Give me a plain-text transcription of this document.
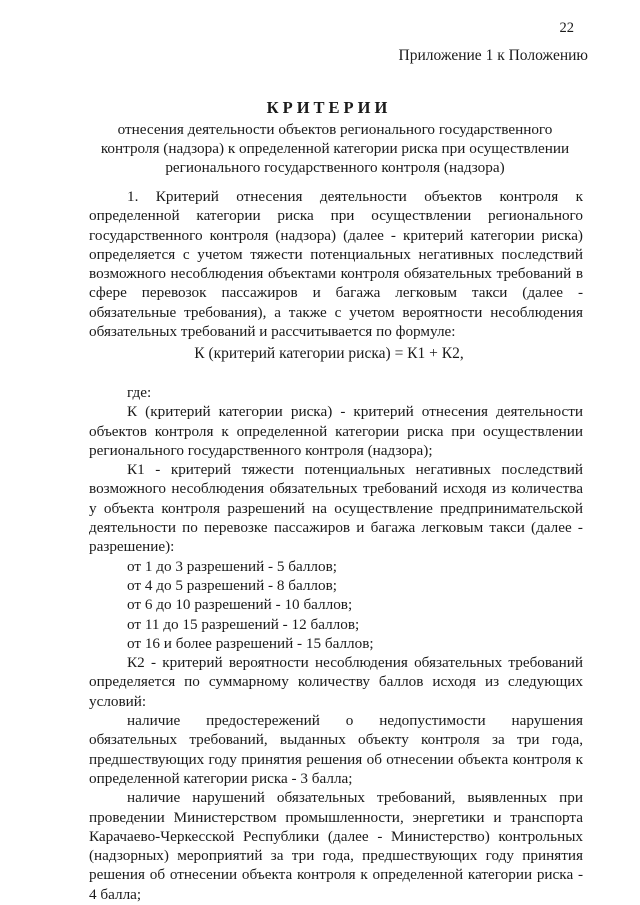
22
Приложение 1 к Положению
КРИТЕРИИ
отнесения деятельности объектов регионального государственного контроля (надзора) к определенной категории риска при осуществлении регионального государственного контроля (надзора)

1. Критерий отнесения деятельности объектов контроля к определенной категории риска при осуществлении регионального государственного контроля (надзора) (далее - критерий категории риска) определяется с учетом тяжести потенциальных негативных последствий возможного несоблюдения объектами контроля обязательных требований в сфере перевозок пассажиров и багажа легковым такси (далее - обязательные требования), а также с учетом вероятности несоблюдения обязательных требований и рассчитывается по формуле:

К (критерий категории риска) = К1 + К2,

где:

К (критерий категории риска) - критерий отнесения деятельности объектов контроля к определенной категории риска при осуществлении регионального государственного контроля (надзора);

К1 - критерий тяжести потенциальных негативных последствий возможного несоблюдения обязательных требований исходя из количества у объекта контроля разрешений на осуществление предпринимательской деятельности по перевозке пассажиров и багажа легковым такси (далее - разрешение):

от 1 до 3 разрешений - 5 баллов;

от 4 до 5 разрешений - 8 баллов;

от 6 до 10 разрешений - 10 баллов;

от 11 до 15 разрешений - 12 баллов;

от 16 и более разрешений - 15 баллов;

К2 - критерий вероятности несоблюдения обязательных требований определяется по суммарному количеству баллов исходя из следующих условий:

наличие предостережений о недопустимости нарушения обязательных требований, выданных объекту контроля за три года, предшествующих году принятия решения об отнесении объекта контроля к определенной категории риска - 3 балла;

наличие нарушений обязательных требований, выявленных при проведении Министерством промышленности, энергетики и транспорта Карачаево-Черкесской Республики (далее - Министерство) контрольных (надзорных) мероприятий за три года, предшествующих году принятия решения об отнесении объекта контроля к определенной категории риска - 4 балла;
